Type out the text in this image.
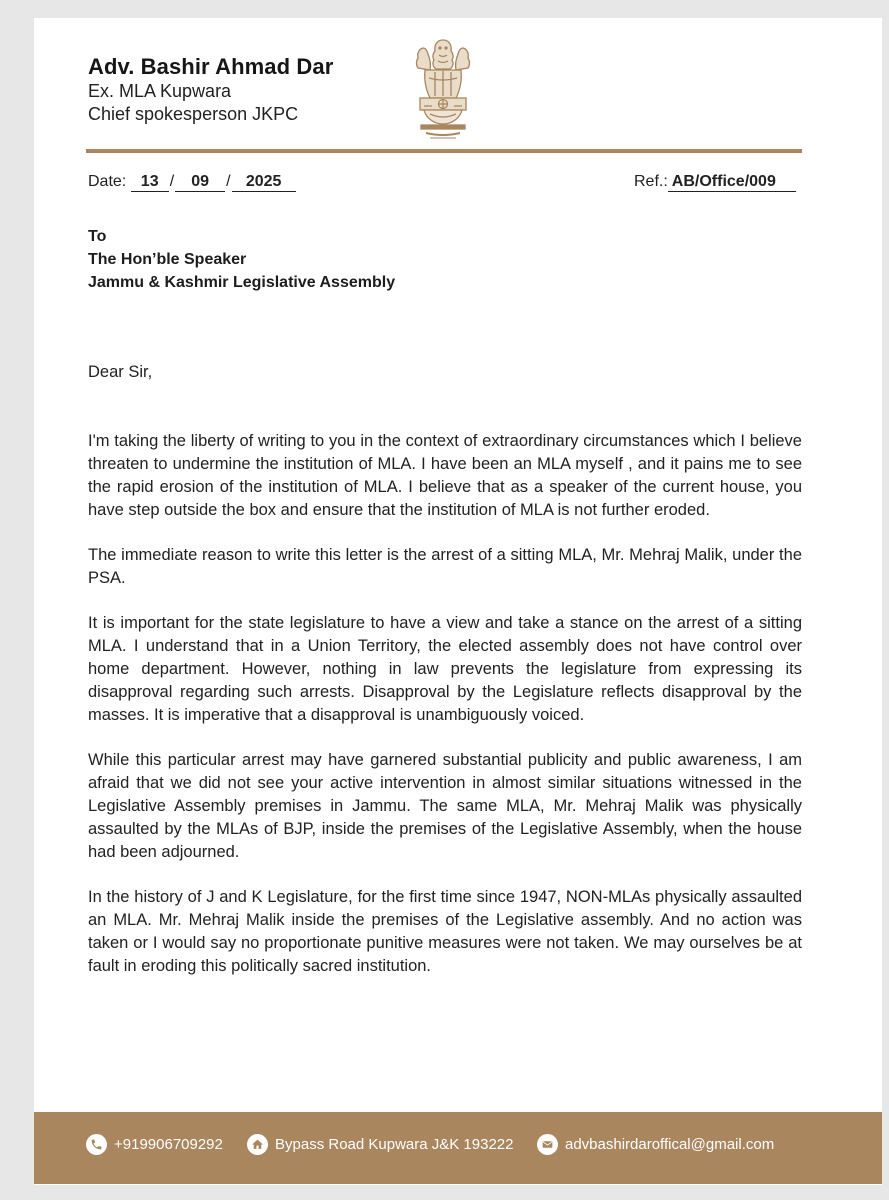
Adv. Bashir Ahmad Dar
Ex. MLA Kupwara
Chief spokesperson JKPC
Date: 13 / 09 / 2025	Ref.: AB/Office/009
To
The Hon’ble Speaker
Jammu & Kashmir Legislative Assembly
Dear Sir,

I'm taking the liberty of writing to you in the context of extraordinary circumstances which I believe threaten to undermine the institution of MLA. I have been an MLA myself , and it pains me to see the rapid erosion of the institution of MLA. I believe that as a speaker of the current house, you have step outside the box and ensure that the institution of MLA is not further eroded.

The immediate reason to write this letter is the arrest of a sitting MLA, Mr. Mehraj Malik, under the PSA.

It is important for the state legislature to have a view and take a stance on the arrest of a sitting MLA. I understand that in a Union Territory, the elected assembly does not have control over home department. However, nothing in law prevents the legislature from expressing its disapproval regarding such arrests. Disapproval by the Legislature reflects disapproval by the masses. It is imperative that a disapproval is unambiguously voiced.

While this particular arrest may have garnered substantial publicity and public awareness, I am afraid that we did not see your active intervention in almost similar situations witnessed in the Legislative Assembly premises in Jammu. The same MLA, Mr. Mehraj Malik was physically assaulted by the MLAs of BJP, inside the premises of the Legislative Assembly, when the house had been adjourned.

In the history of J and K Legislature, for the first time since 1947, NON-MLAs physically assaulted an MLA. Mr. Mehraj Malik inside the premises of the Legislative assembly. And no action was taken or I would say no proportionate punitive measures were not taken. We may ourselves be at fault in eroding this politically sacred institution.

+919906709292	Bypass Road Kupwara J&K 193222	advbashirdaroffical@gmail.com
